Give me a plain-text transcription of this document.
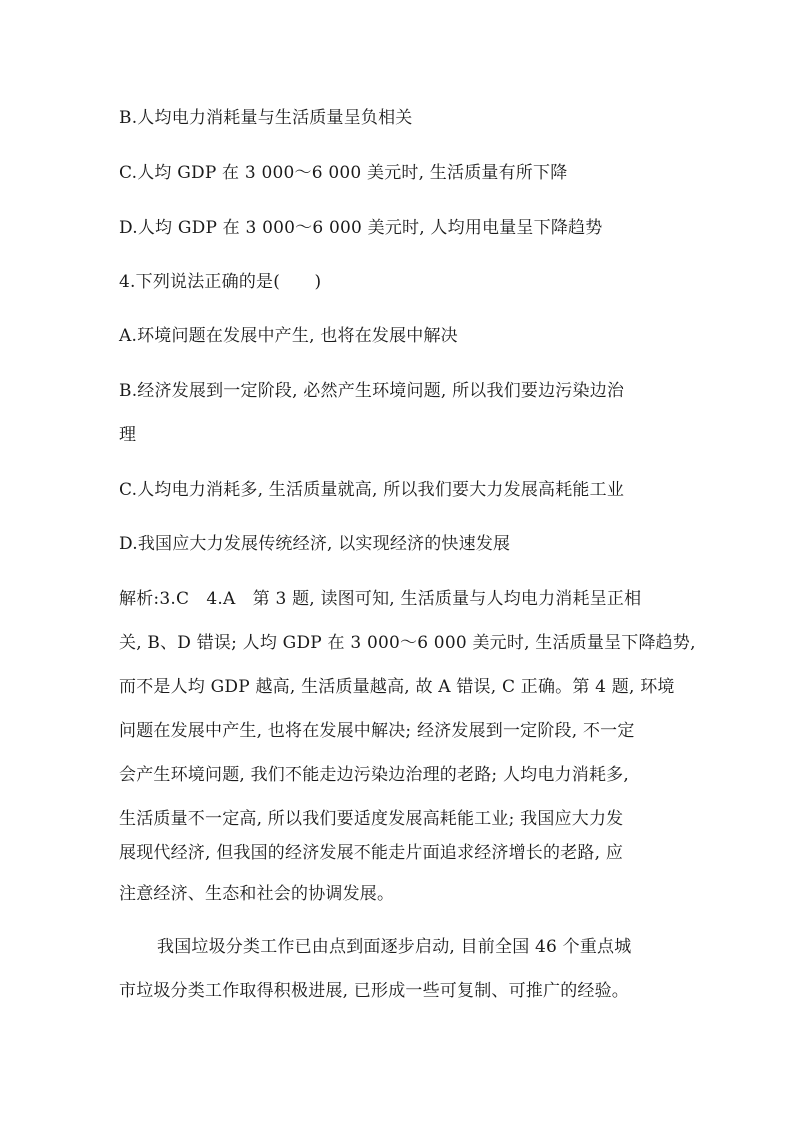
B.人均电力消耗量与生活质量呈负相关
C.人均 GDP 在 3 000～6 000 美元时, 生活质量有所下降
D.人均 GDP 在 3 000～6 000 美元时, 人均用电量呈下降趋势
4.下列说法正确的是(　　)
A.环境问题在发展中产生, 也将在发展中解决
B.经济发展到一定阶段, 必然产生环境问题, 所以我们要边污染边治
理
C.人均电力消耗多, 生活质量就高, 所以我们要大力发展高耗能工业
D.我国应大力发展传统经济, 以实现经济的快速发展
解析:3.C　4.A　第 3 题, 读图可知, 生活质量与人均电力消耗呈正相
关, B、D 错误; 人均 GDP 在 3 000～6 000 美元时, 生活质量呈下降趋势,
而不是人均 GDP 越高, 生活质量越高, 故 A 错误, C 正确。第 4 题, 环境
问题在发展中产生, 也将在发展中解决; 经济发展到一定阶段, 不一定
会产生环境问题, 我们不能走边污染边治理的老路; 人均电力消耗多,
生活质量不一定高, 所以我们要适度发展高耗能工业; 我国应大力发
展现代经济, 但我国的经济发展不能走片面追求经济增长的老路, 应
注意经济、生态和社会的协调发展。
我国垃圾分类工作已由点到面逐步启动, 目前全国 46 个重点城
市垃圾分类工作取得积极进展, 已形成一些可复制、可推广的经验。
